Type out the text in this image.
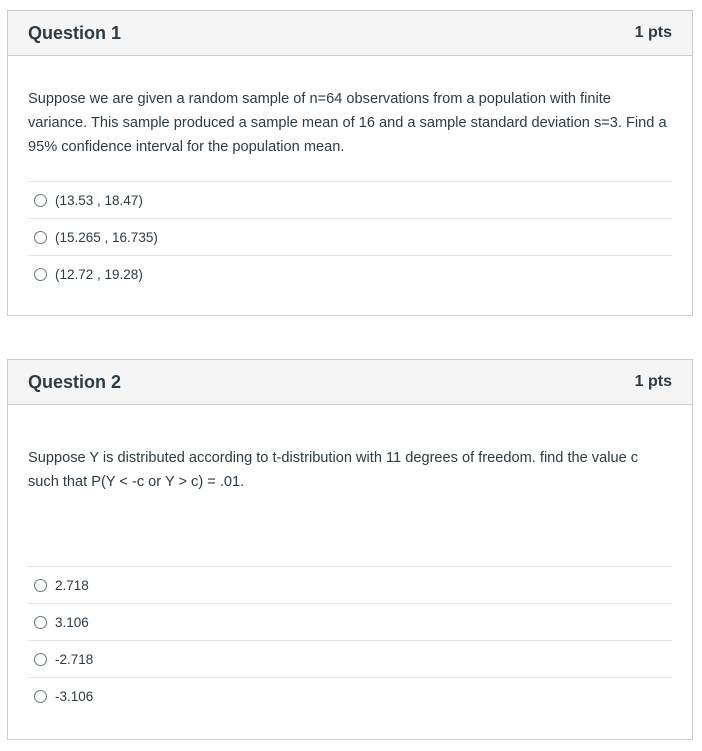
Question 1	1 pts

Suppose we are given a random sample of n=64 observations from a population with finite variance. This sample produced a sample mean of 16 and a sample standard deviation s=3. Find a 95% confidence interval for the population mean.

(13.53 , 18.47)
(15.265 , 16.735)
(12.72 , 19.28)
Question 2	1 pts

Suppose Y is distributed according to t-distribution with 11 degrees of freedom. find the value c such that P(Y < -c or Y > c) = .01.

2.718
3.106
-2.718
-3.106
